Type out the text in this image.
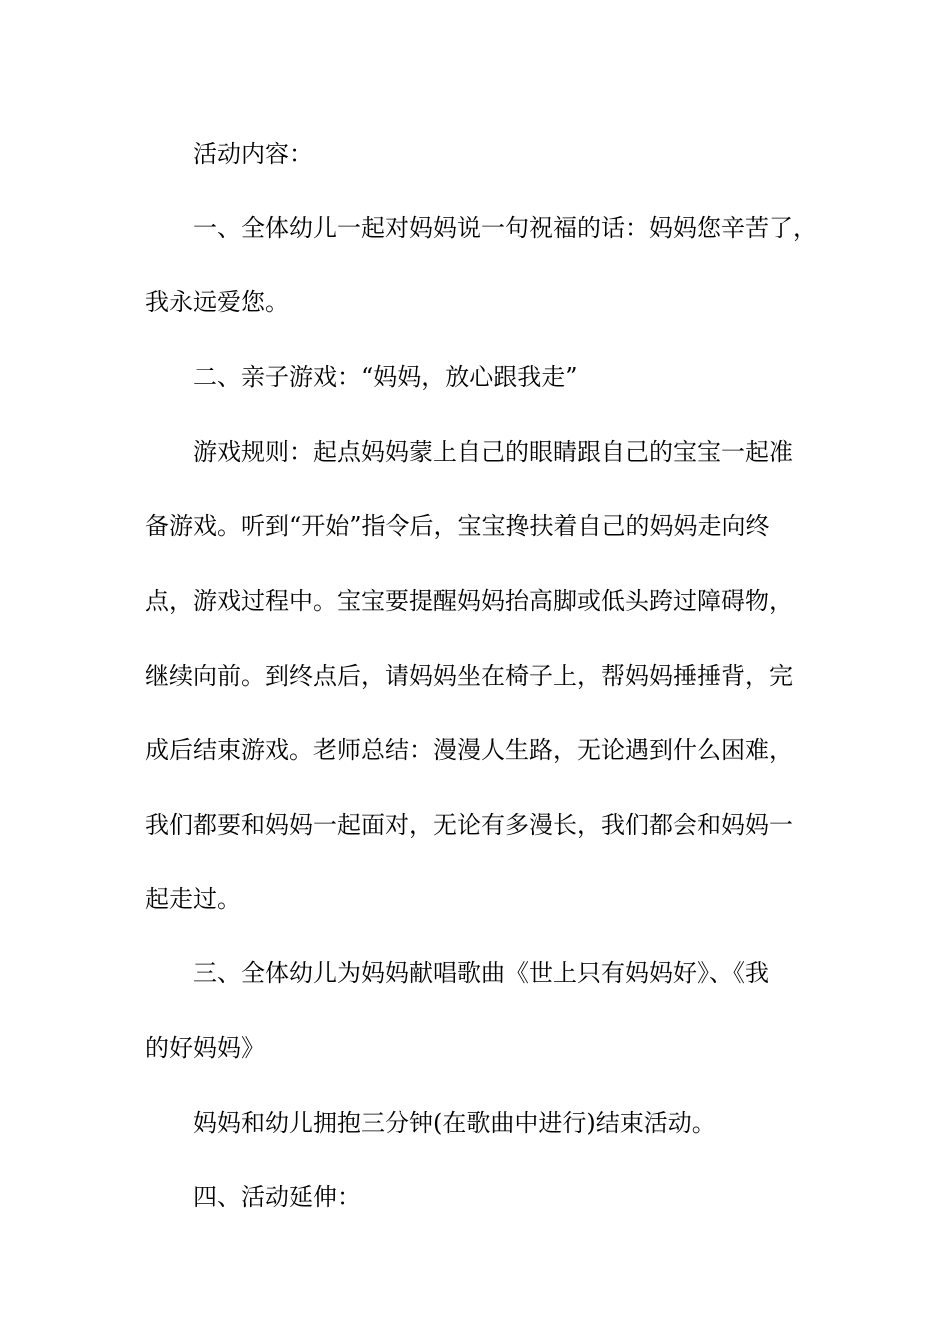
活动内容：

一、全体幼儿一起对妈妈说一句祝福的话：妈妈您辛苦了，

我永远爱您。

二、亲子游戏：“妈妈，放心跟我走”

游戏规则：起点妈妈蒙上自己的眼睛跟自己的宝宝一起准

备游戏。听到“开始”指令后，宝宝搀扶着自己的妈妈走向终

点，游戏过程中。宝宝要提醒妈妈抬高脚或低头跨过障碍物，

继续向前。到终点后，请妈妈坐在椅子上，帮妈妈捶捶背，完

成后结束游戏。老师总结：漫漫人生路，无论遇到什么困难，

我们都要和妈妈一起面对，无论有多漫长，我们都会和妈妈一

起走过。

三、全体幼儿为妈妈献唱歌曲《世上只有妈妈好》、《我

的好妈妈》

妈妈和幼儿拥抱三分钟(在歌曲中进行)结束活动。

四、活动延伸：
